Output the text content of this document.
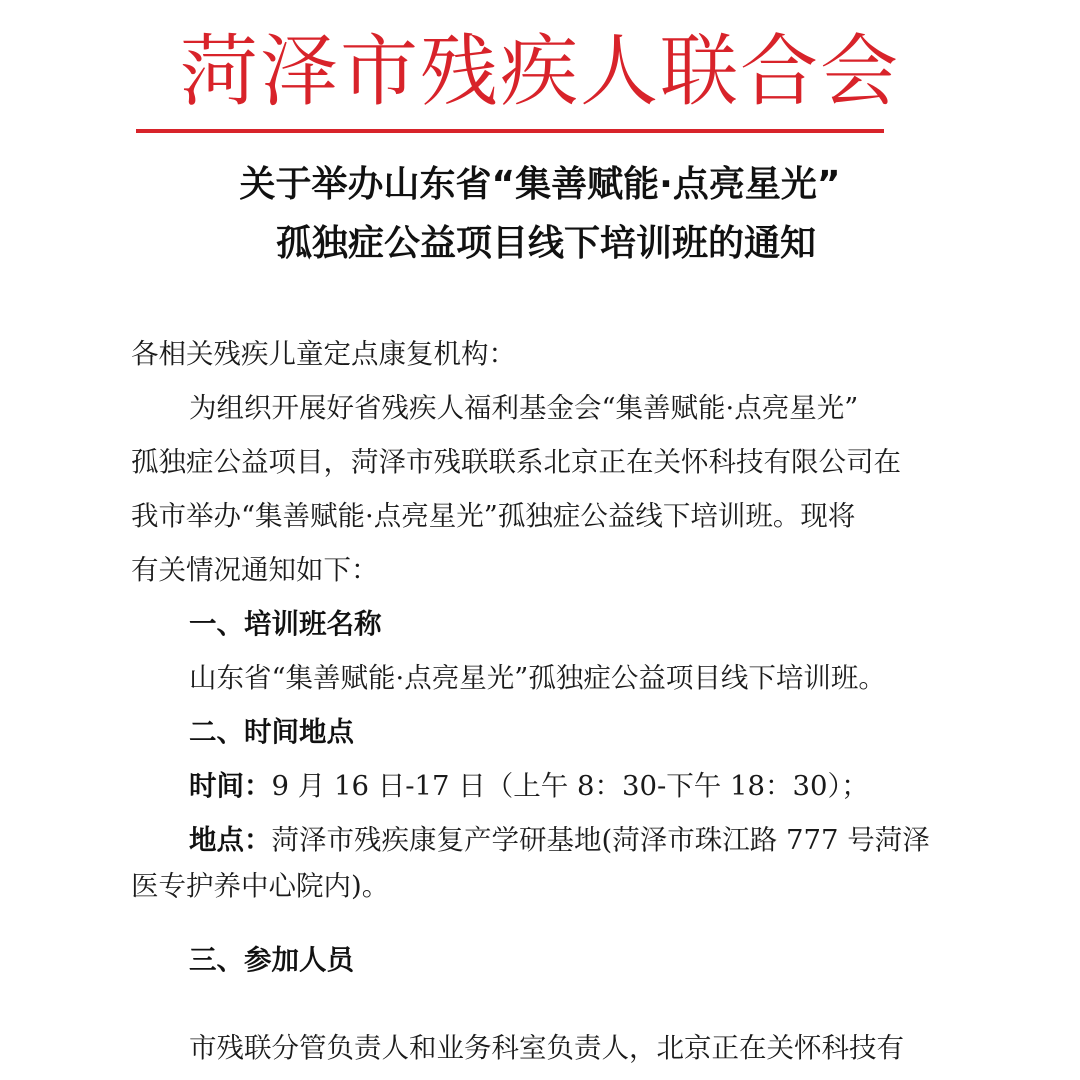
菏泽市残疾人联合会
关于举办山东省“集善赋能·点亮星光”
孤独症公益项目线下培训班的通知
各相关残疾儿童定点康复机构：
为组织开展好省残疾人福利基金会“集善赋能·点亮星光”
孤独症公益项目，菏泽市残联联系北京正在关怀科技有限公司在
我市举办“集善赋能·点亮星光”孤独症公益线下培训班。现将
有关情况通知如下：
一、培训班名称
山东省“集善赋能·点亮星光”孤独症公益项目线下培训班。
二、时间地点
时间：9 月 16 日-17 日（上午 8：30-下午 18：30）；
地点：菏泽市残疾康复产学研基地(菏泽市珠江路 777 号菏泽
医专护养中心院内)。
三、参加人员
市残联分管负责人和业务科室负责人，北京正在关怀科技有
